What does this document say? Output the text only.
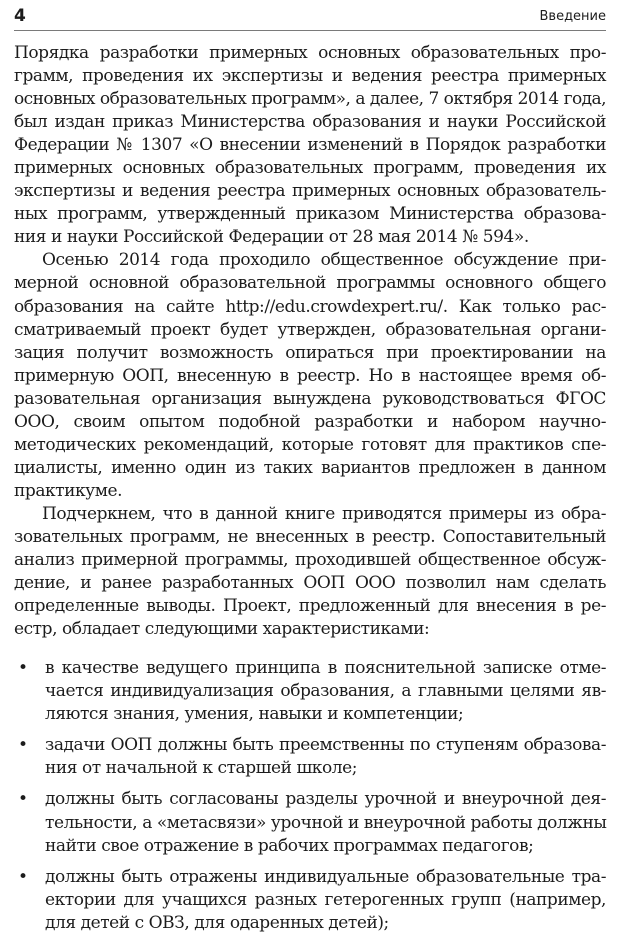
4	Введение

Порядка разработки примерных основных образовательных про-
грамм, проведения их экспертизы и ведения реестра примерных
основных образовательных программ», а далее, 7 октября 2014 года,
был издан приказ Министерства образования и науки Российской
Федерации № 1307 «О внесении изменений в Порядок разработки
примерных основных образовательных программ, проведения их
экспертизы и ведения реестра примерных основных образователь-
ных программ, утвержденный приказом Министерства образова-
ния и науки Российской Федерации от 28 мая 2014 № 594».

Осенью 2014 года проходило общественное обсуждение при-
мерной основной образовательной программы основного общего
образования на сайте http://edu.crowdexpert.ru/. Как только рас-
сматриваемый проект будет утвержден, образовательная органи-
зация получит возможность опираться при проектировании на
примерную ООП, внесенную в реестр. Но в настоящее время об-
разовательная организация вынуждена руководствоваться ФГОС
ООО, своим опытом подобной разработки и набором научно-
методических рекомендаций, которые готовят для практиков спе-
циалисты, именно один из таких вариантов предложен в данном
практикуме.

Подчеркнем, что в данной книге приводятся примеры из обра-
зовательных программ, не внесенных в реестр. Сопоставительный
анализ примерной программы, проходившей общественное обсуж-
дение, и ранее разработанных ООП ООО позволил нам сделать
определенные выводы. Проект, предложенный для внесения в ре-
естр, обладает следующими характеристиками:

• в качестве ведущего принципа в пояснительной записке отме-
чается индивидуализация образования, а главными целями яв-
ляются знания, умения, навыки и компетенции;
• задачи ООП должны быть преемственны по ступеням образова-
ния от начальной к старшей школе;
• должны быть согласованы разделы урочной и внеурочной дея-
тельности, а «метасвязи» урочной и внеурочной работы должны
найти свое отражение в рабочих программах педагогов;
• должны быть отражены индивидуальные образовательные тра-
ектории для учащихся разных гетерогенных групп (например,
для детей с ОВЗ, для одаренных детей);
